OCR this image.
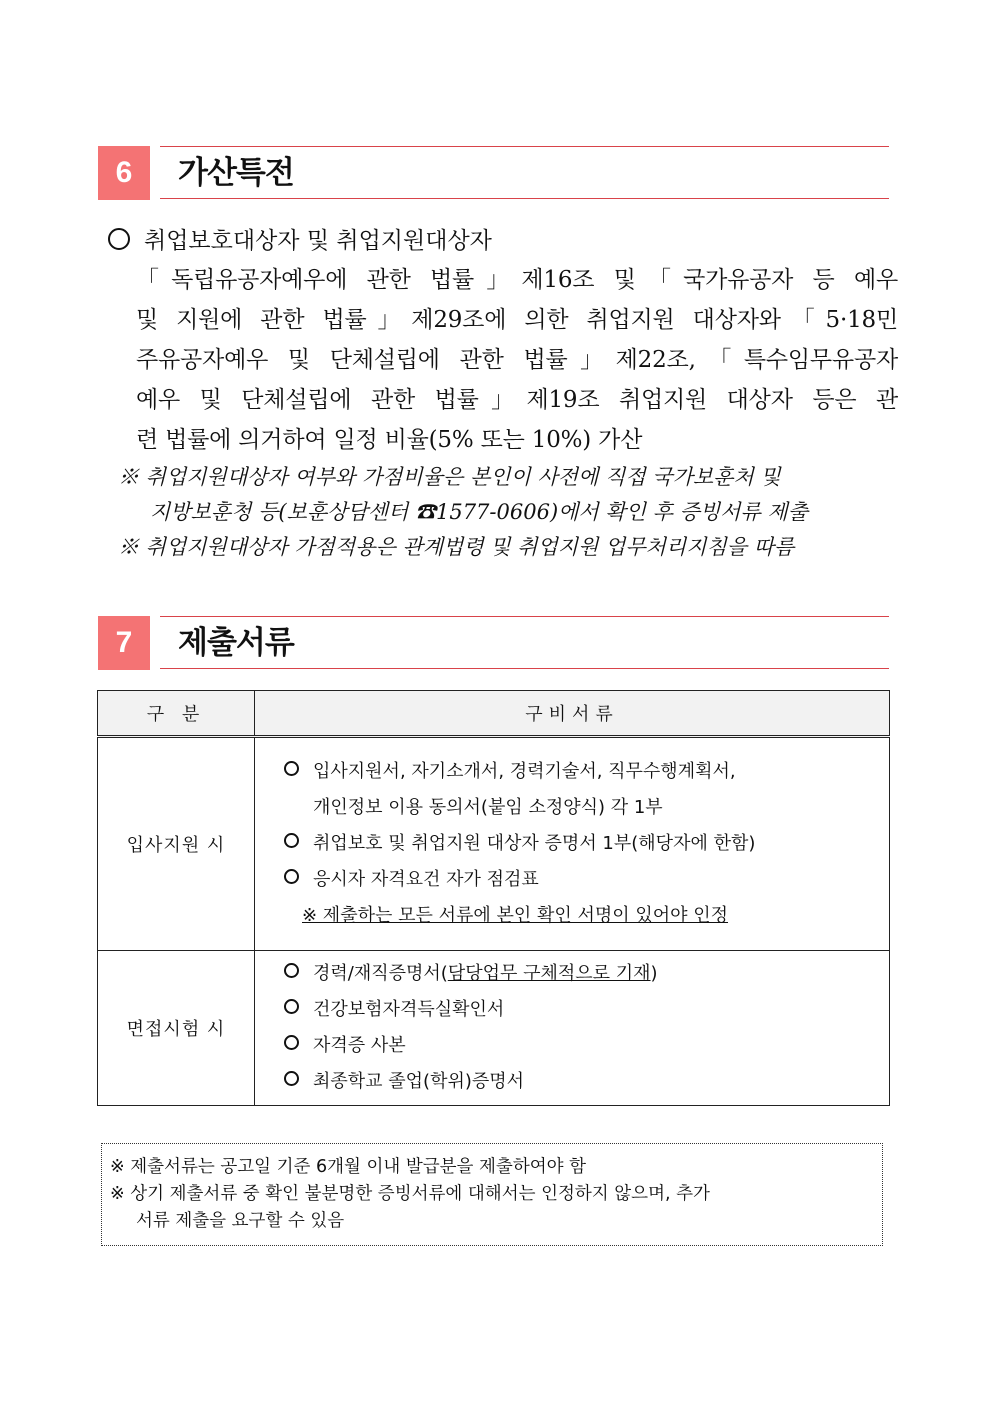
6	가산특전
취업보호대상자 및 취업지원대상자
「독립유공자예우에 관한 법률」제16조 및「국가유공자 등 예우
및 지원에 관한 법률」제29조에 의한 취업지원 대상자와「5·18민
주유공자예우 및 단체설립에 관한 법률」제22조,「특수임무유공자
예우 및 단체설립에 관한 법률」제19조 취업지원 대상자 등은 관
련 법률에 의거하여 일정 비율(5% 또는 10%) 가산
※ 취업지원대상자 여부와 가점비율은 본인이 사전에 직접 국가보훈처 및
지방보훈청 등(보훈상담센터 ☎1577-0606)에서 확인 후 증빙서류 제출
※ 취업지원대상자 가점적용은 관계법령 및 취업지원 업무처리지침을 따름
7	제출서류
구 분	구비서류
입사지원 시	입사지원서, 자기소개서, 경력기술서, 직무수행계획서,
개인정보 이용 동의서(붙임 소정양식) 각 1부
취업보호 및 취업지원 대상자 증명서 1부(해당자에 한함)
응시자 자격요건 자가 점검표
※ 제출하는 모든 서류에 본인 확인 서명이 있어야 인정

면접시험 시	경력/재직증명서(담당업무 구체적으로 기재)
건강보험자격득실확인서
자격증 사본
최종학교 졸업(학위)증명서
※ 제출서류는 공고일 기준 6개월 이내 발급분을 제출하여야 함
※ 상기 제출서류 중 확인 불분명한 증빙서류에 대해서는 인정하지 않으며, 추가
서류 제출을 요구할 수 있음
